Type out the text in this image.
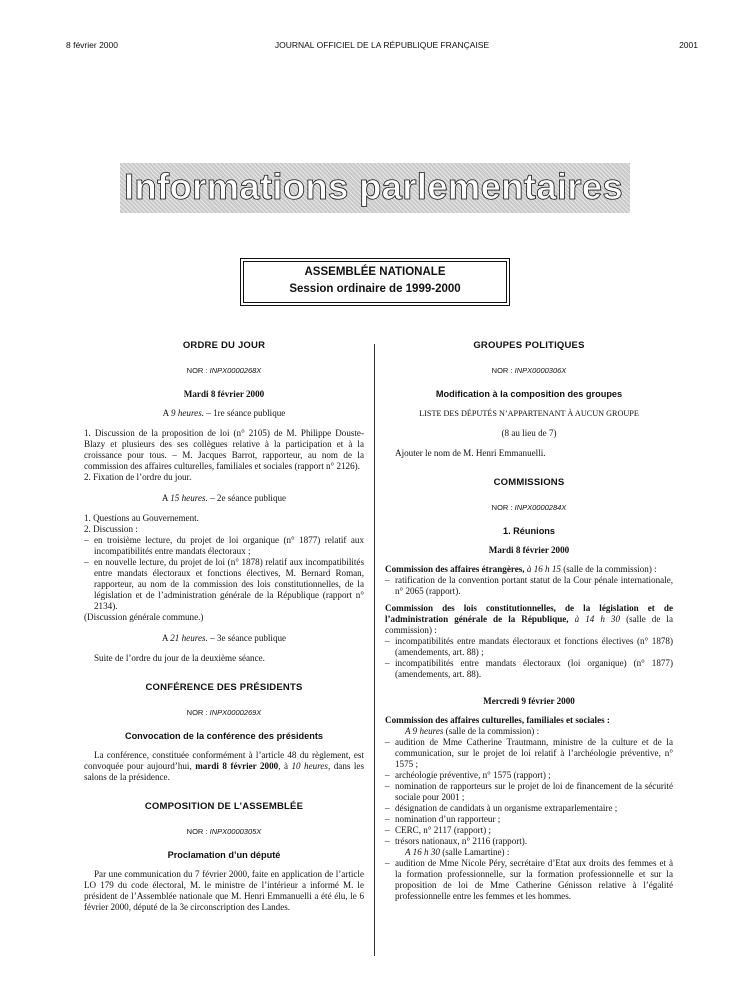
8 février 2000	JOURNAL OFFICIEL DE LA RÉPUBLIQUE FRANÇAISE	2001
Informations parlementaires
ASSEMBLÉE NATIONALE
Session ordinaire de 1999-2000
ORDRE DU JOUR
NOR : INPX0000268X
Mardi 8 février 2000
A 9 heures. – 1re séance publique
1. Discussion de la proposition de loi (n° 2105) de M. Philippe Douste-Blazy et plusieurs des ses collègues relative à la participation et à la croissance pour tous. – M. Jacques Barrot, rapporteur, au nom de la commission des affaires culturelles, familiales et sociales (rapport n° 2126).
2. Fixation de l’ordre du jour.
A 15 heures. – 2e séance publique
1. Questions au Gouvernement.
2. Discussion :
– en troisième lecture, du projet de loi organique (n° 1877) relatif aux incompatibilités entre mandats électoraux ;
– en nouvelle lecture, du projet de loi (n° 1878) relatif aux incompatibilités entre mandats électoraux et fonctions électives, M. Bernard Roman, rapporteur, au nom de la commission des lois constitutionnelles, de la législation et de l’administration générale de la République (rapport n° 2134).
(Discussion générale commune.)
A 21 heures. – 3e séance publique
Suite de l’ordre du jour de la deuxième séance.
CONFÉRENCE DES PRÉSIDENTS
NOR : INPX0000269X
Convocation de la conférence des présidents
La conférence, constituée conformément à l’article 48 du règlement, est convoquée pour aujourd’hui, mardi 8 février 2000, à 10 heures, dans les salons de la présidence.
COMPOSITION DE L’ASSEMBLÉE
NOR : INPX0000305X
Proclamation d’un député
Par une communication du 7 février 2000, faite en application de l’article LO 179 du code électoral, M. le ministre de l’intérieur a informé M. le président de l’Assemblée nationale que M. Henri Emmanuelli a été élu, le 6 février 2000, député de la 3e circonscription des Landes.
GROUPES POLITIQUES
NOR : INPX0000306X
Modification à la composition des groupes
LISTE DES DÉPUTÉS N’APPARTENANT À AUCUN GROUPE
(8 au lieu de 7)
Ajouter le nom de M. Henri Emmanuelli.
COMMISSIONS
NOR : INPX0000284X
1. Réunions
Mardi 8 février 2000
Commission des affaires étrangères, à 16 h 15 (salle de la commission) :
– ratification de la convention portant statut de la Cour pénale internationale, n° 2065 (rapport).
Commission des lois constitutionnelles, de la législation et de l’administration générale de la République, à 14 h 30 (salle de la commission) :
– incompatibilités entre mandats électoraux et fonctions électives (n° 1878) (amendements, art. 88) ;
– incompatibilités entre mandats électoraux (loi organique) (n° 1877) (amendements, art. 88).
Mercredi 9 février 2000
Commission des affaires culturelles, familiales et sociales :
A 9 heures (salle de la commission) :
– audition de Mme Catherine Trautmann, ministre de la culture et de la communication, sur le projet de loi relatif à l’archéologie préventive, n° 1575 ;
– archéologie préventive, n° 1575 (rapport) ;
– nomination de rapporteurs sur le projet de loi de financement de la sécurité sociale pour 2001 ;
– désignation de candidats à un organisme extraparlementaire ;
– nomination d’un rapporteur ;
– CERC, n° 2117 (rapport) ;
– trésors nationaux, n° 2116 (rapport).
A 16 h 30 (salle Lamartine) :
– audition de Mme Nicole Péry, secrétaire d’Etat aux droits des femmes et à la formation professionnelle, sur la formation professionnelle et sur la proposition de loi de Mme Catherine Génisson relative à l’égalité professionnelle entre les femmes et les hommes.
